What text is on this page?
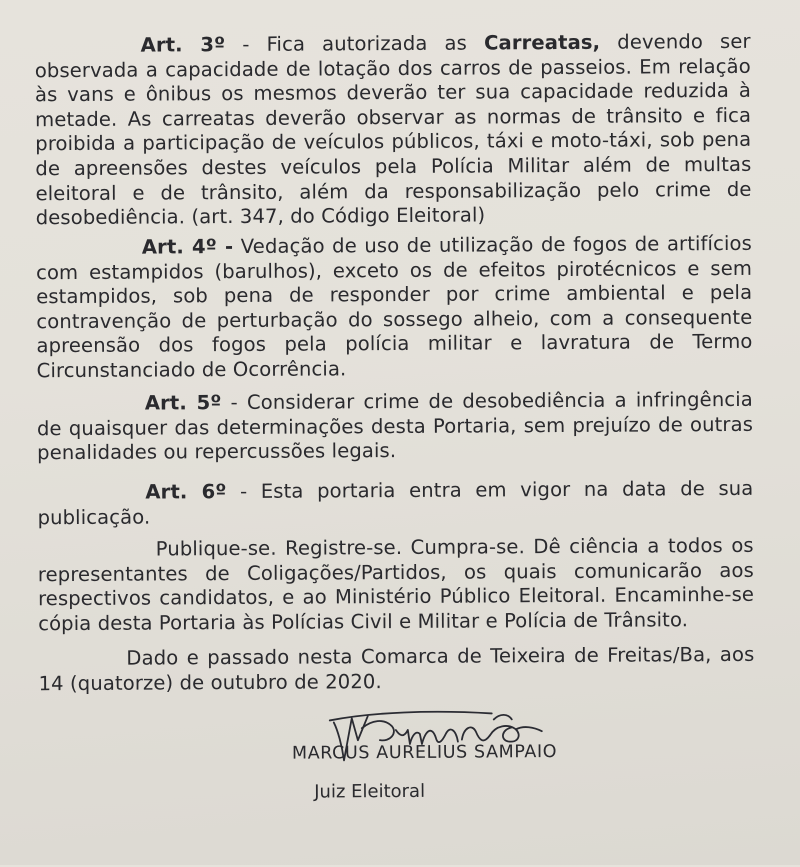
Art. 3º - Fica autorizada as Carreatas, devendo ser observada a capacidade de lotação dos carros de passeios. Em relação às vans e ônibus os mesmos deverão ter sua capacidade reduzida à metade. As carreatas deverão observar as normas de trânsito e fica proibida a participação de veículos públicos, táxi e moto-táxi, sob pena de apreensões destes veículos pela Polícia Militar além de multas eleitoral e de trânsito, além da responsabilização pelo crime de desobediência. (art. 347, do Código Eleitoral)

Art. 4º - Vedação de uso de utilização de fogos de artifícios com estampidos (barulhos), exceto os de efeitos pirotécnicos e sem estampidos, sob pena de responder por crime ambiental e pela contravenção de perturbação do sossego alheio, com a consequente apreensão dos fogos pela polícia militar e lavratura de Termo Circunstanciado de Ocorrência.

Art. 5º - Considerar crime de desobediência a infringência de quaisquer das determinações desta Portaria, sem prejuízo de outras penalidades ou repercussões legais.

Art. 6º - Esta portaria entra em vigor na data de sua publicação.

Publique-se. Registre-se. Cumpra-se. Dê ciência a todos os representantes de Coligações/Partidos, os quais comunicarão aos respectivos candidatos, e ao Ministério Público Eleitoral. Encaminhe-se cópia desta Portaria às Polícias Civil e Militar e Polícia de Trânsito.

Dado e passado nesta Comarca de Teixeira de Freitas/Ba, aos 14 (quatorze) de outubro de 2020.

MARCUS AURELIUS SAMPAIO
Juiz Eleitoral
